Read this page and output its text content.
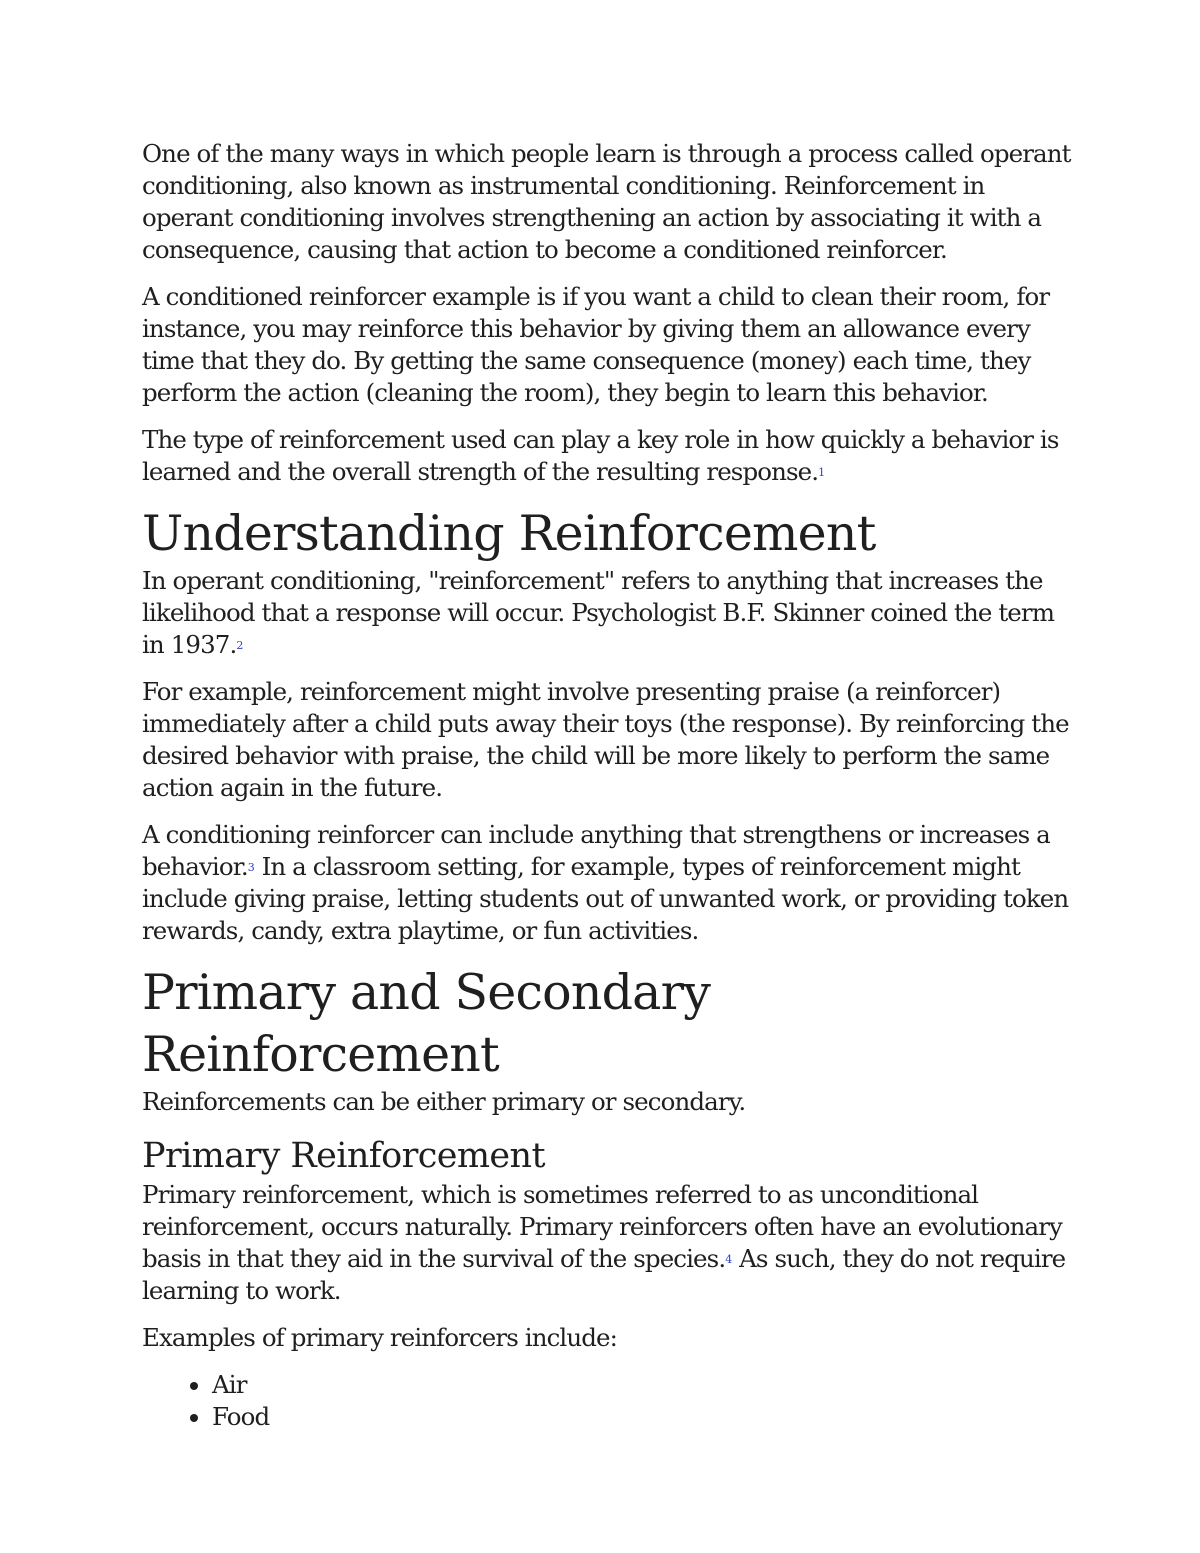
One of the many ways in which people learn is through a process called operant conditioning, also known as instrumental conditioning. Reinforcement in operant conditioning involves strengthening an action by associating it with a consequence, causing that action to become a conditioned reinforcer.

A conditioned reinforcer example is if you want a child to clean their room, for instance, you may reinforce this behavior by giving them an allowance every time that they do. By getting the same consequence (money) each time, they perform the action (cleaning the room), they begin to learn this behavior.

The type of reinforcement used can play a key role in how quickly a behavior is learned and the overall strength of the resulting response.$^1$

Understanding Reinforcement

In operant conditioning, "reinforcement" refers to anything that increases the likelihood that a response will occur. Psychologist B.F. Skinner coined the term in 1937.$^2$

For example, reinforcement might involve presenting praise (a reinforcer) immediately after a child puts away their toys (the response). By reinforcing the desired behavior with praise, the child will be more likely to perform the same action again in the future.

A conditioning reinforcer can include anything that strengthens or increases a behavior.$^3$ In a classroom setting, for example, types of reinforcement might include giving praise, letting students out of unwanted work, or providing token rewards, candy, extra playtime, or fun activities.

Primary and Secondary Reinforcement

Reinforcements can be either primary or secondary.

Primary Reinforcement

Primary reinforcement, which is sometimes referred to as unconditional reinforcement, occurs naturally. Primary reinforcers often have an evolutionary basis in that they aid in the survival of the species.$^4$ As such, they do not require learning to work.

Examples of primary reinforcers include:

• Air
• Food
